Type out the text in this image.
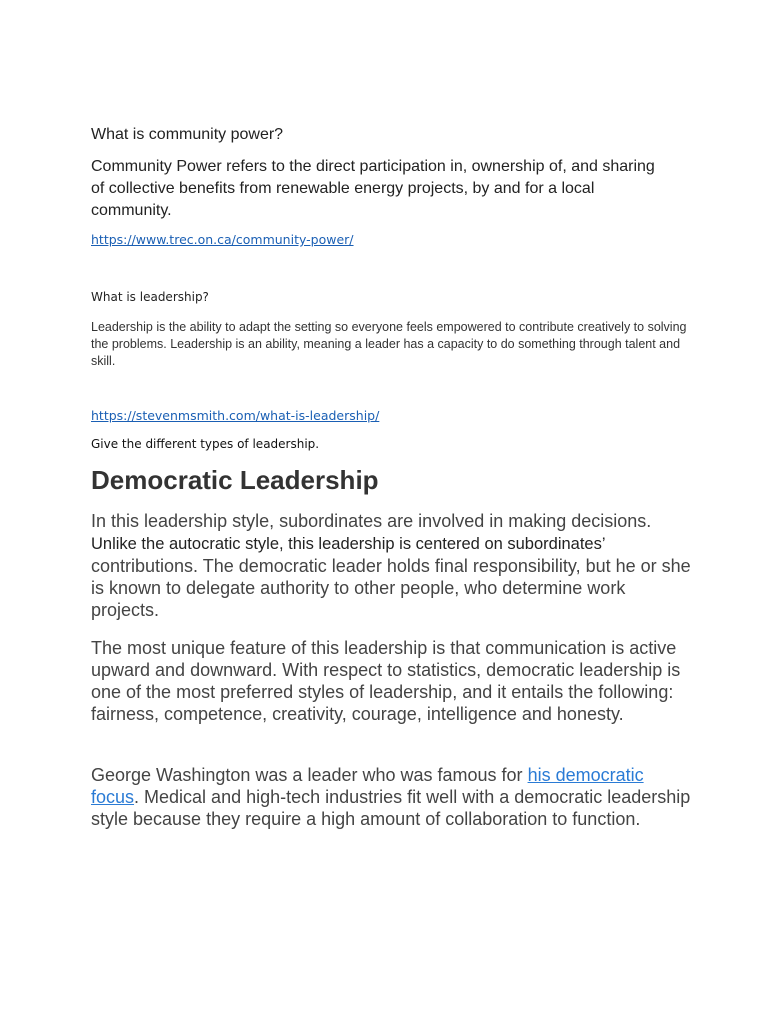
What is community power?
Community Power refers to the direct participation in, ownership of, and sharing of collective benefits from renewable energy projects, by and for a local community.
https://www.trec.on.ca/community-power/
What is leadership?
Leadership is the ability to adapt the setting so everyone feels empowered to contribute creatively to solving the problems. Leadership is an ability, meaning a leader has a capacity to do something through talent and skill.
https://stevenmsmith.com/what-is-leadership/
Give the different types of leadership.
Democratic Leadership
In this leadership style, subordinates are involved in making decisions. Unlike the autocratic style, this leadership is centered on subordinates’ contributions. The democratic leader holds final responsibility, but he or she is known to delegate authority to other people, who determine work projects.
The most unique feature of this leadership is that communication is active upward and downward. With respect to statistics, democratic leadership is one of the most preferred styles of leadership, and it entails the following: fairness, competence, creativity, courage, intelligence and honesty.
George Washington was a leader who was famous for his democratic focus. Medical and high-tech industries fit well with a democratic leadership style because they require a high amount of collaboration to function.
